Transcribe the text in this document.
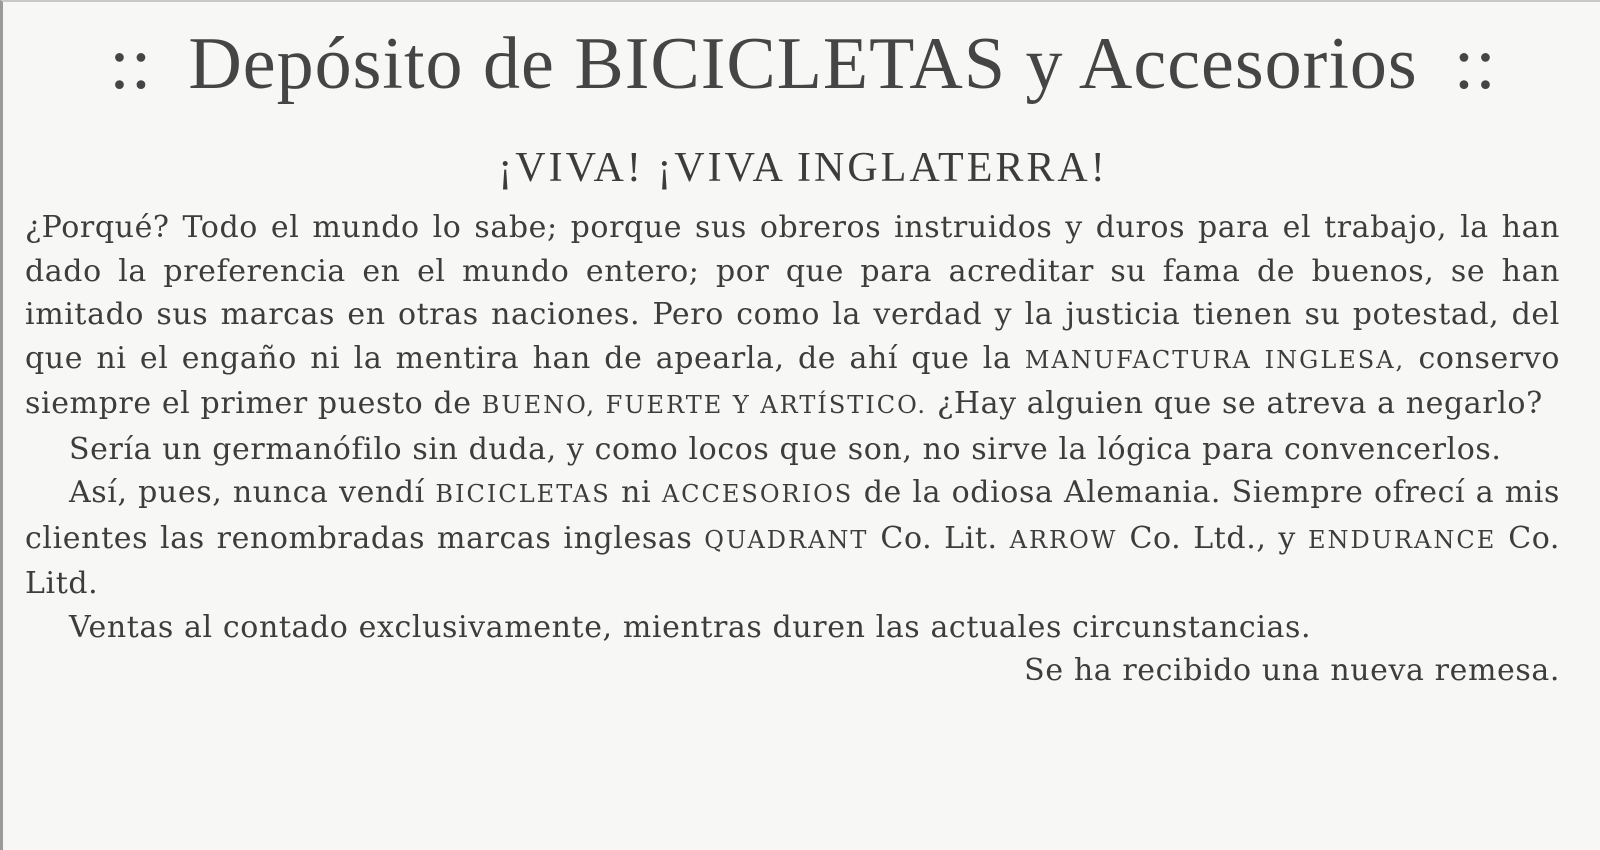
:: Depósito de BICICLETAS y Accesorios ::
¡VIVA! ¡VIVA INGLATERRA!

¿Porqué? Todo el mundo lo sabe; porque sus obreros instruidos y duros para el trabajo, la han dado la preferencia en el mundo entero; por que para acreditar su fama de buenos, se han imitado sus marcas en otras naciones. Pero como la verdad y la justicia tienen su potestad, del que ni el engaño ni la mentira han de apearla, de ahí que la MANUFACTURA INGLESA, conservo siempre el primer puesto de BUENO, FUERTE Y ARTÍSTICO. ¿Hay alguien que se atreva a negarlo?

Sería un germanófilo sin duda, y como locos que son, no sirve la lógica para convencerlos.

Así, pues, nunca vendí BICICLETAS ni ACCESORIOS de la odiosa Alemania. Siempre ofrecí a mis clientes las renombradas marcas inglesas QUADRANT Co. Lit. ARROW Co. Ltd., y ENDURANCE Co. Litd.

Ventas al contado exclusivamente, mientras duren las actuales circunstancias.

Se ha recibido una nueva remesa.
